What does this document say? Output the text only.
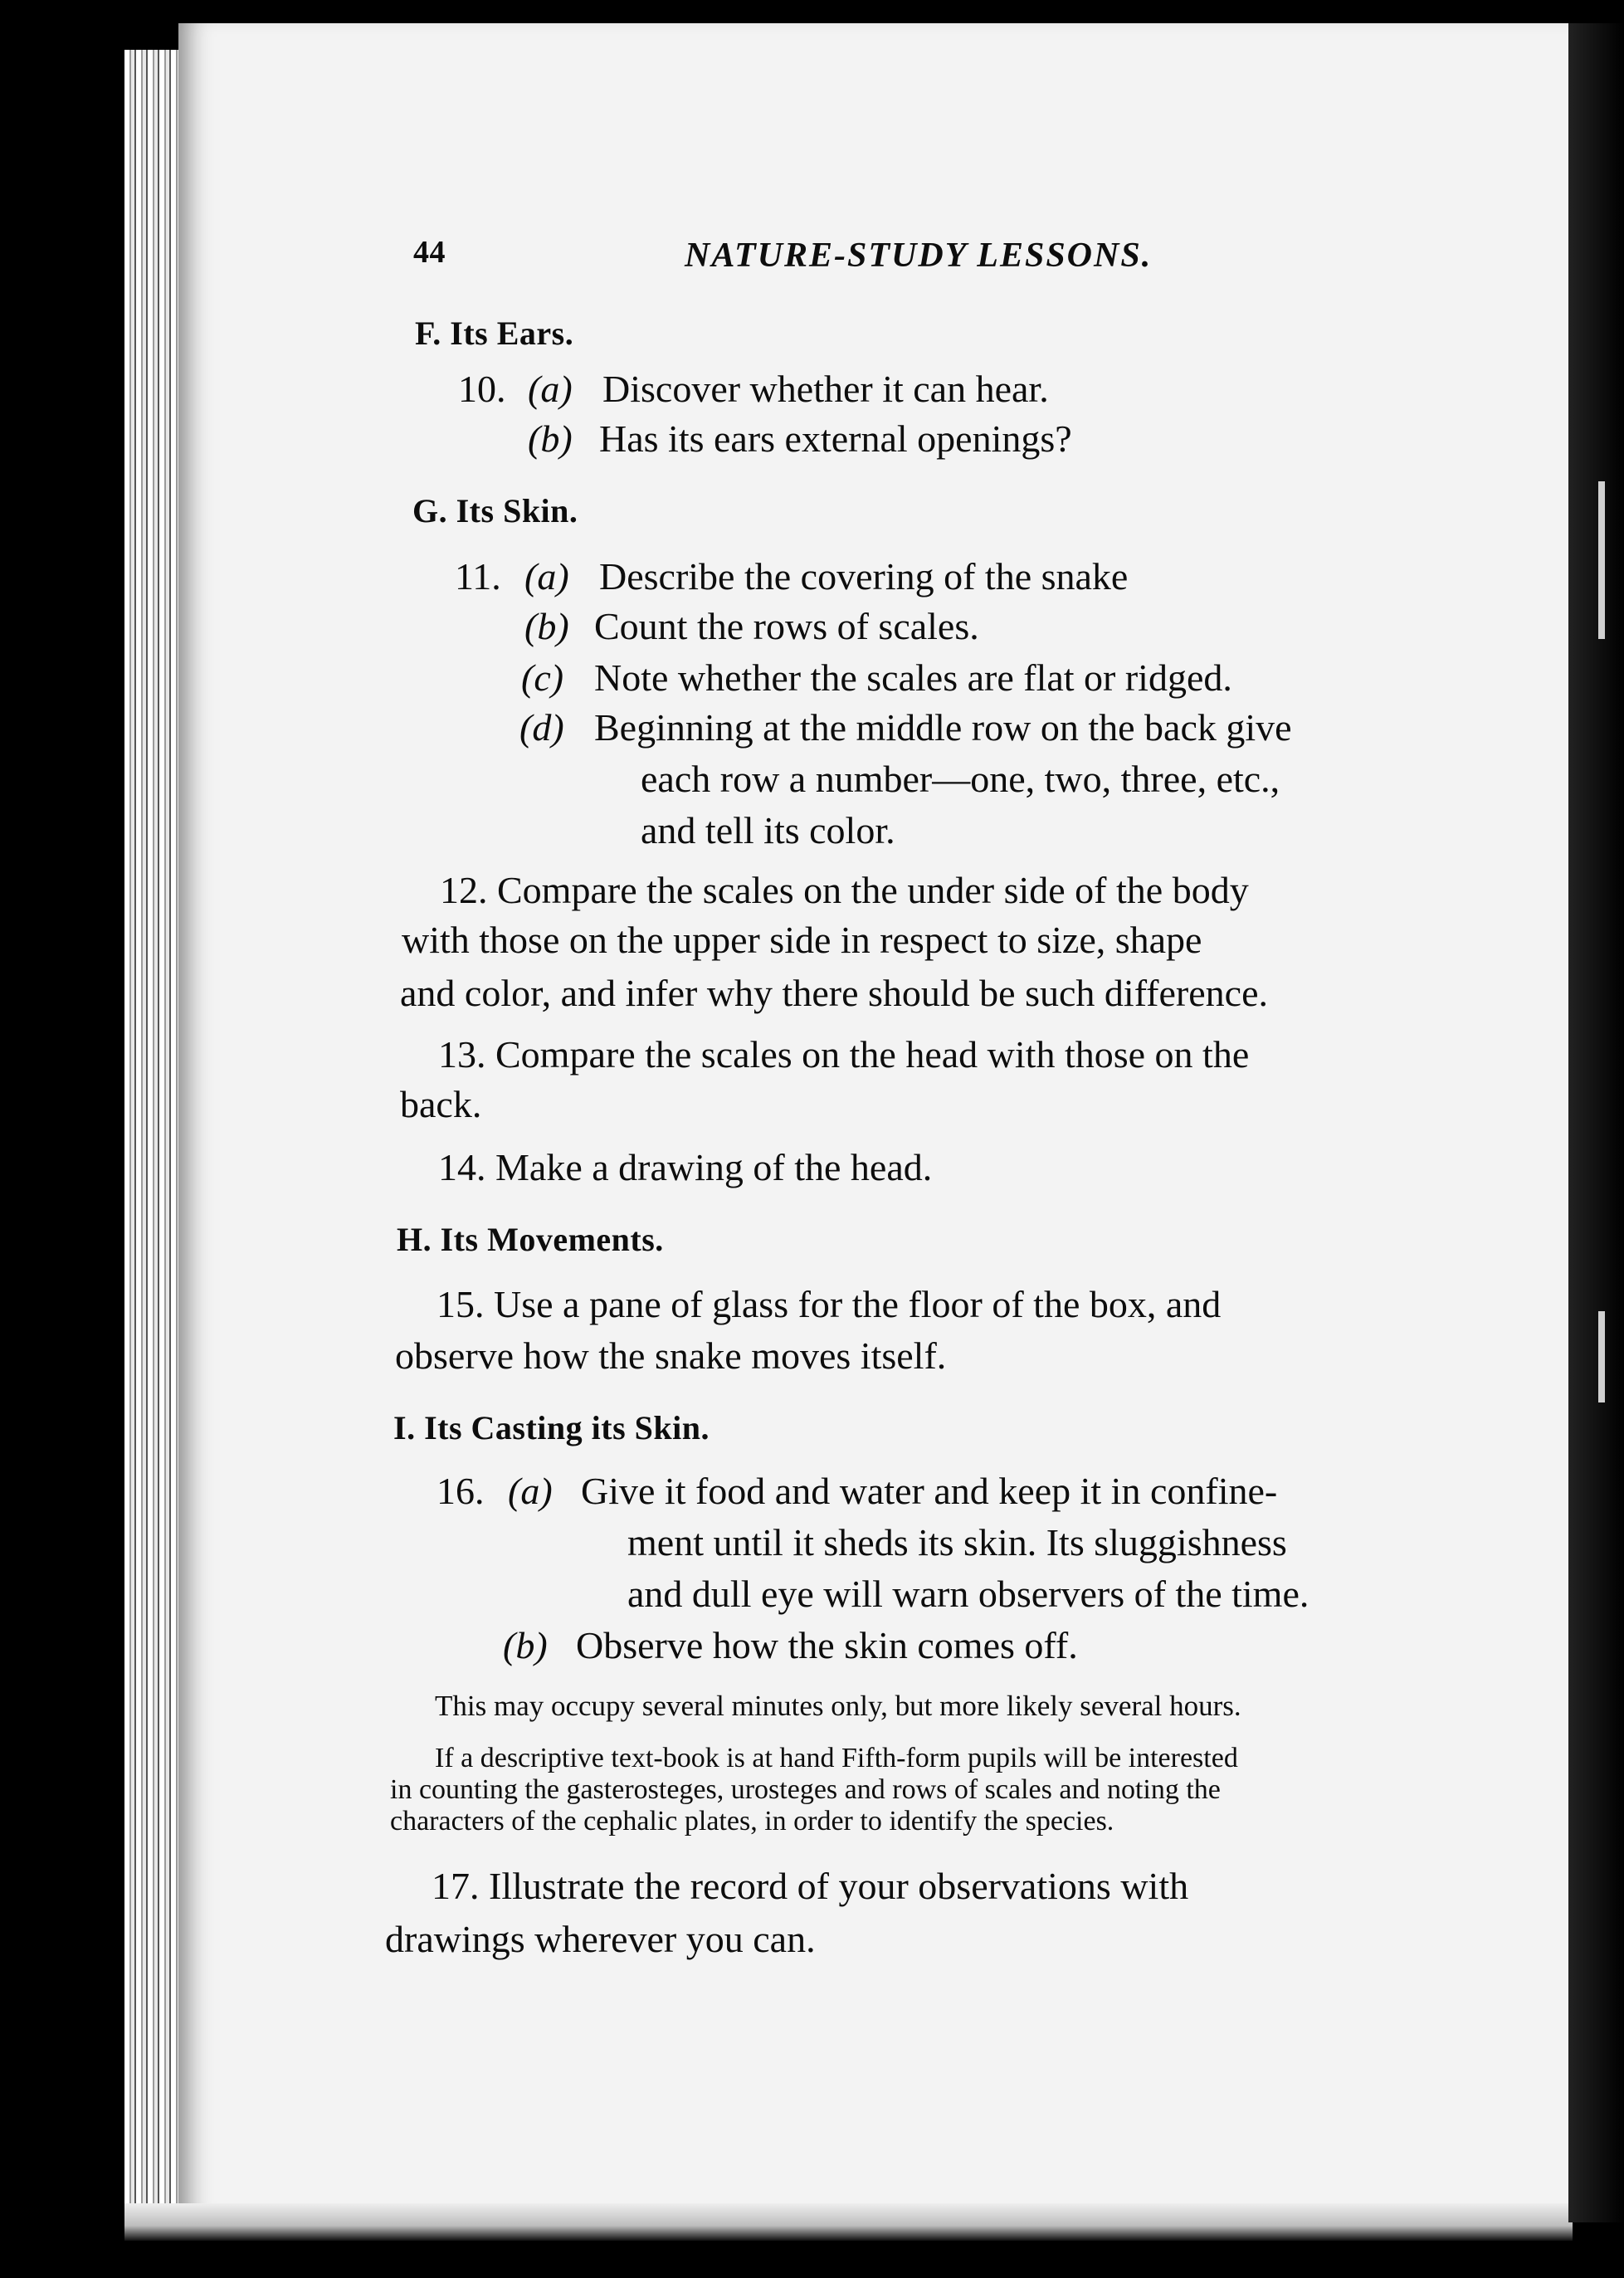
44	NATURE-STUDY LESSONS.
F. Its Ears.
10. (a) Discover whether it can hear.
(b) Has its ears external openings?
G. Its Skin.
11. (a) Describe the covering of the snake
(b) Count the rows of scales.
(c) Note whether the scales are flat or ridged.
(d) Beginning at the middle row on the back give
each row a number—one, two, three, etc.,
and tell its color.
12. Compare the scales on the under side of the body
with those on the upper side in respect to size, shape
and color, and infer why there should be such difference.
13. Compare the scales on the head with those on the
back.
14. Make a drawing of the head.
H. Its Movements.
15. Use a pane of glass for the floor of the box, and
observe how the snake moves itself.
I. Its Casting its Skin.
16. (a) Give it food and water and keep it in confine-
ment until it sheds its skin. Its sluggishness
and dull eye will warn observers of the time.
(b) Observe how the skin comes off.
This may occupy several minutes only, but more likely several hours.
If a descriptive text-book is at hand Fifth-form pupils will be interested
in counting the gasterosteges, urosteges and rows of scales and noting the
characters of the cephalic plates, in order to identify the species.
17. Illustrate the record of your observations with
drawings wherever you can.
